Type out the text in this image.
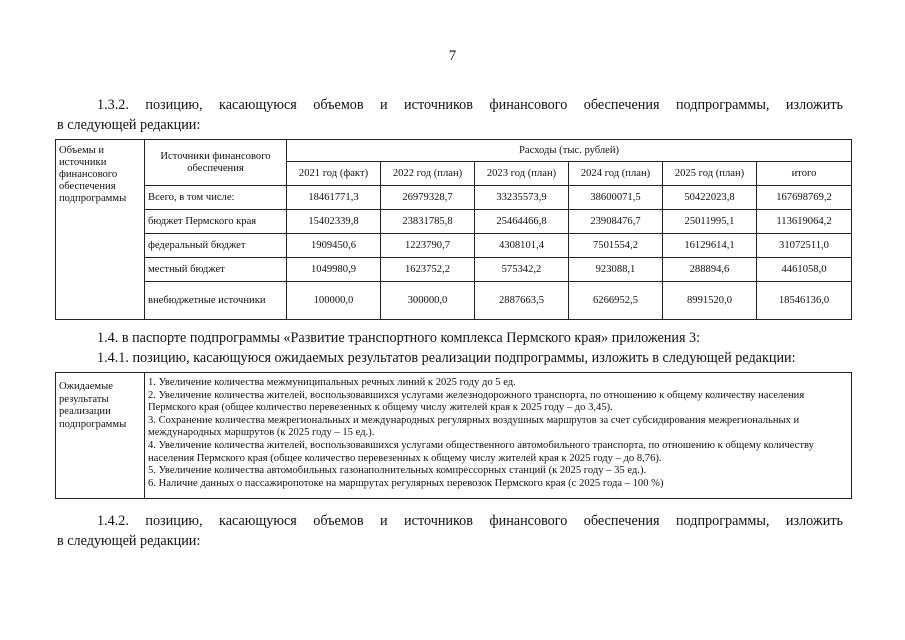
7
1.3.2. позицию, касающуюся объемов и источников финансового обеспечения подпрограммы, изложить
в следующей редакции:
Объемы и источники финансового обеспечения подпрограммы	Источники финансового обеспечения	Расходы (тыс. рублей)					
		2021 год (факт)	2022 год (план)	2023 год (план)	2024 год (план)	2025 год (план)	итого
	Всего, в том числе:	18461771,3	26979328,7	33235573,9	38600071,5	50422023,8	167698769,2
	бюджет Пермского края	15402339,8	23831785,8	25464466,8	23908476,7	25011995,1	113619064,2
	федеральный бюджет	1909450,6	1223790,7	4308101,4	7501554,2	16129614,1	31072511,0
	местный бюджет	1049980,9	1623752,2	575342,2	923088,1	288894,6	4461058,0
	внебюджетные источники	100000,0	300000,0	2887663,5	6266952,5	8991520,0	18546136,0
1.4. в паспорте подпрограммы «Развитие транспортного комплекса Пермского края» приложения 3:
1.4.1. позицию, касающуюся ожидаемых результатов реализации подпрограммы, изложить в следующей редакции:
Ожидаемые результаты реализации подпрограммы	
1. Увеличение количества межмуниципальных речных линий к 2025 году до 5 ед.
2. Увеличение количества жителей, воспользовавшихся услугами железнодорожного транспорта, по отношению к общему количеству населения Пермского края (общее количество перевезенных к общему числу жителей края к 2025 году – до 3,45).
3. Сохранение количества межрегиональных и международных регулярных воздушных маршрутов за счет субсидирования межрегиональных и международных маршрутов (к 2025 году – 15 ед.).
4. Увеличение количества жителей, воспользовавшихся услугами общественного автомобильного транспорта, по отношению к общему количеству населения Пермского края (общее количество перевезенных к общему числу жителей края к 2025 году – до 8,76).
5. Увеличение количества автомобильных газонаполнительных компрессорных станций (к 2025 году – 35 ед.).
6. Наличие данных о пассажиропотоке на маршрутах регулярных перевозок Пермского края (с 2025 года – 100 %)
1.4.2. позицию, касающуюся объемов и источников финансового обеспечения подпрограммы, изложить
в следующей редакции:
